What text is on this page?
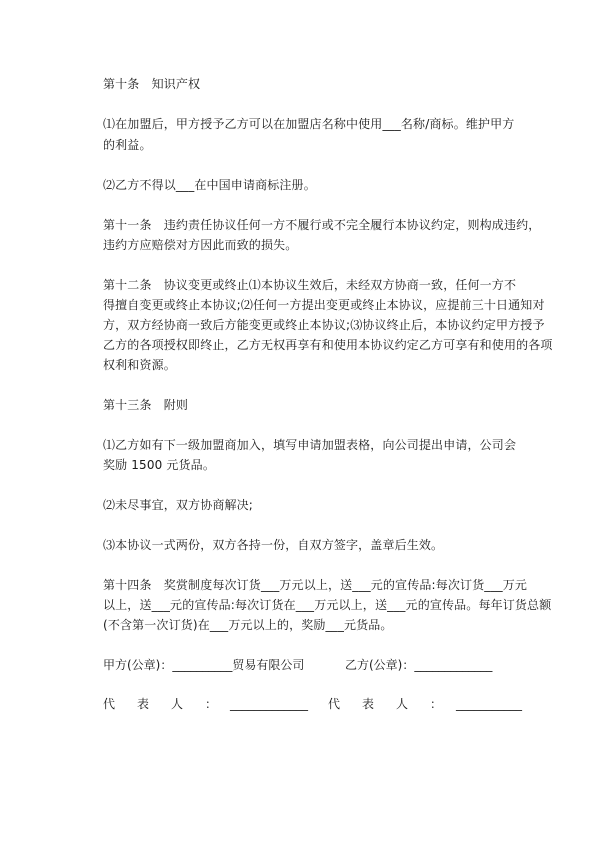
第十条　知识产权

⑴在加盟后，甲方授予乙方可以在加盟店名称中使用___名称/商标。维护甲方

的利益。

⑵乙方不得以___在中国申请商标注册。

第十一条　违约责任协议任何一方不履行或不完全履行本协议约定，则构成违约，

违约方应赔偿对方因此而致的损失。

第十二条　协议变更或终止⑴本协议生效后，未经双方协商一致，任何一方不

得擅自变更或终止本协议;⑵任何一方提出变更或终止本协议，应提前三十日通知对

方，双方经协商一致后方能变更或终止本协议;⑶协议终止后，本协议约定甲方授予

乙方的各项授权即终止，乙方无权再享有和使用本协议约定乙方可享有和使用的各项

权利和资源。

第十三条　附则

⑴乙方如有下一级加盟商加入，填写申请加盟表格，向公司提出申请，公司会

奖励 1500 元货品。

⑵未尽事宜，双方协商解决;

⑶本协议一式两份，双方各持一份，自双方签字，盖章后生效。

第十四条　奖赏制度每次订货___万元以上，送___元的宣传品:每次订货___万元

以上，送___元的宣传品:每次订货在___万元以上，送___元的宣传品。每年订货总额

(不含第一次订货)在___万元以上的，奖励___元货品。

甲方(公章)：__________贸易有限公司	乙方(公章)：_____________

代表人：

_____________ 代表人：

___________
